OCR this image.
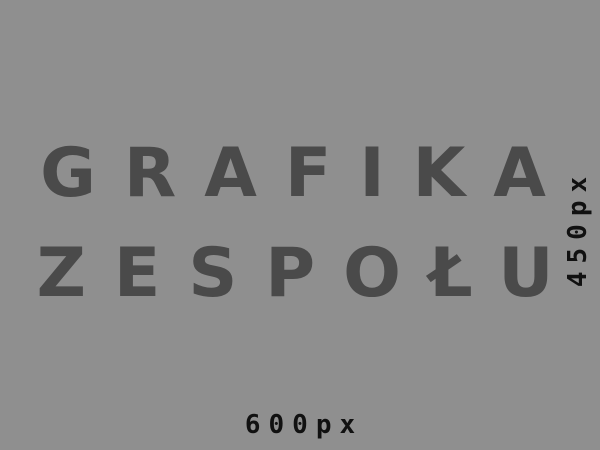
GRAFIKA
ZESPOŁU
600px
450px
